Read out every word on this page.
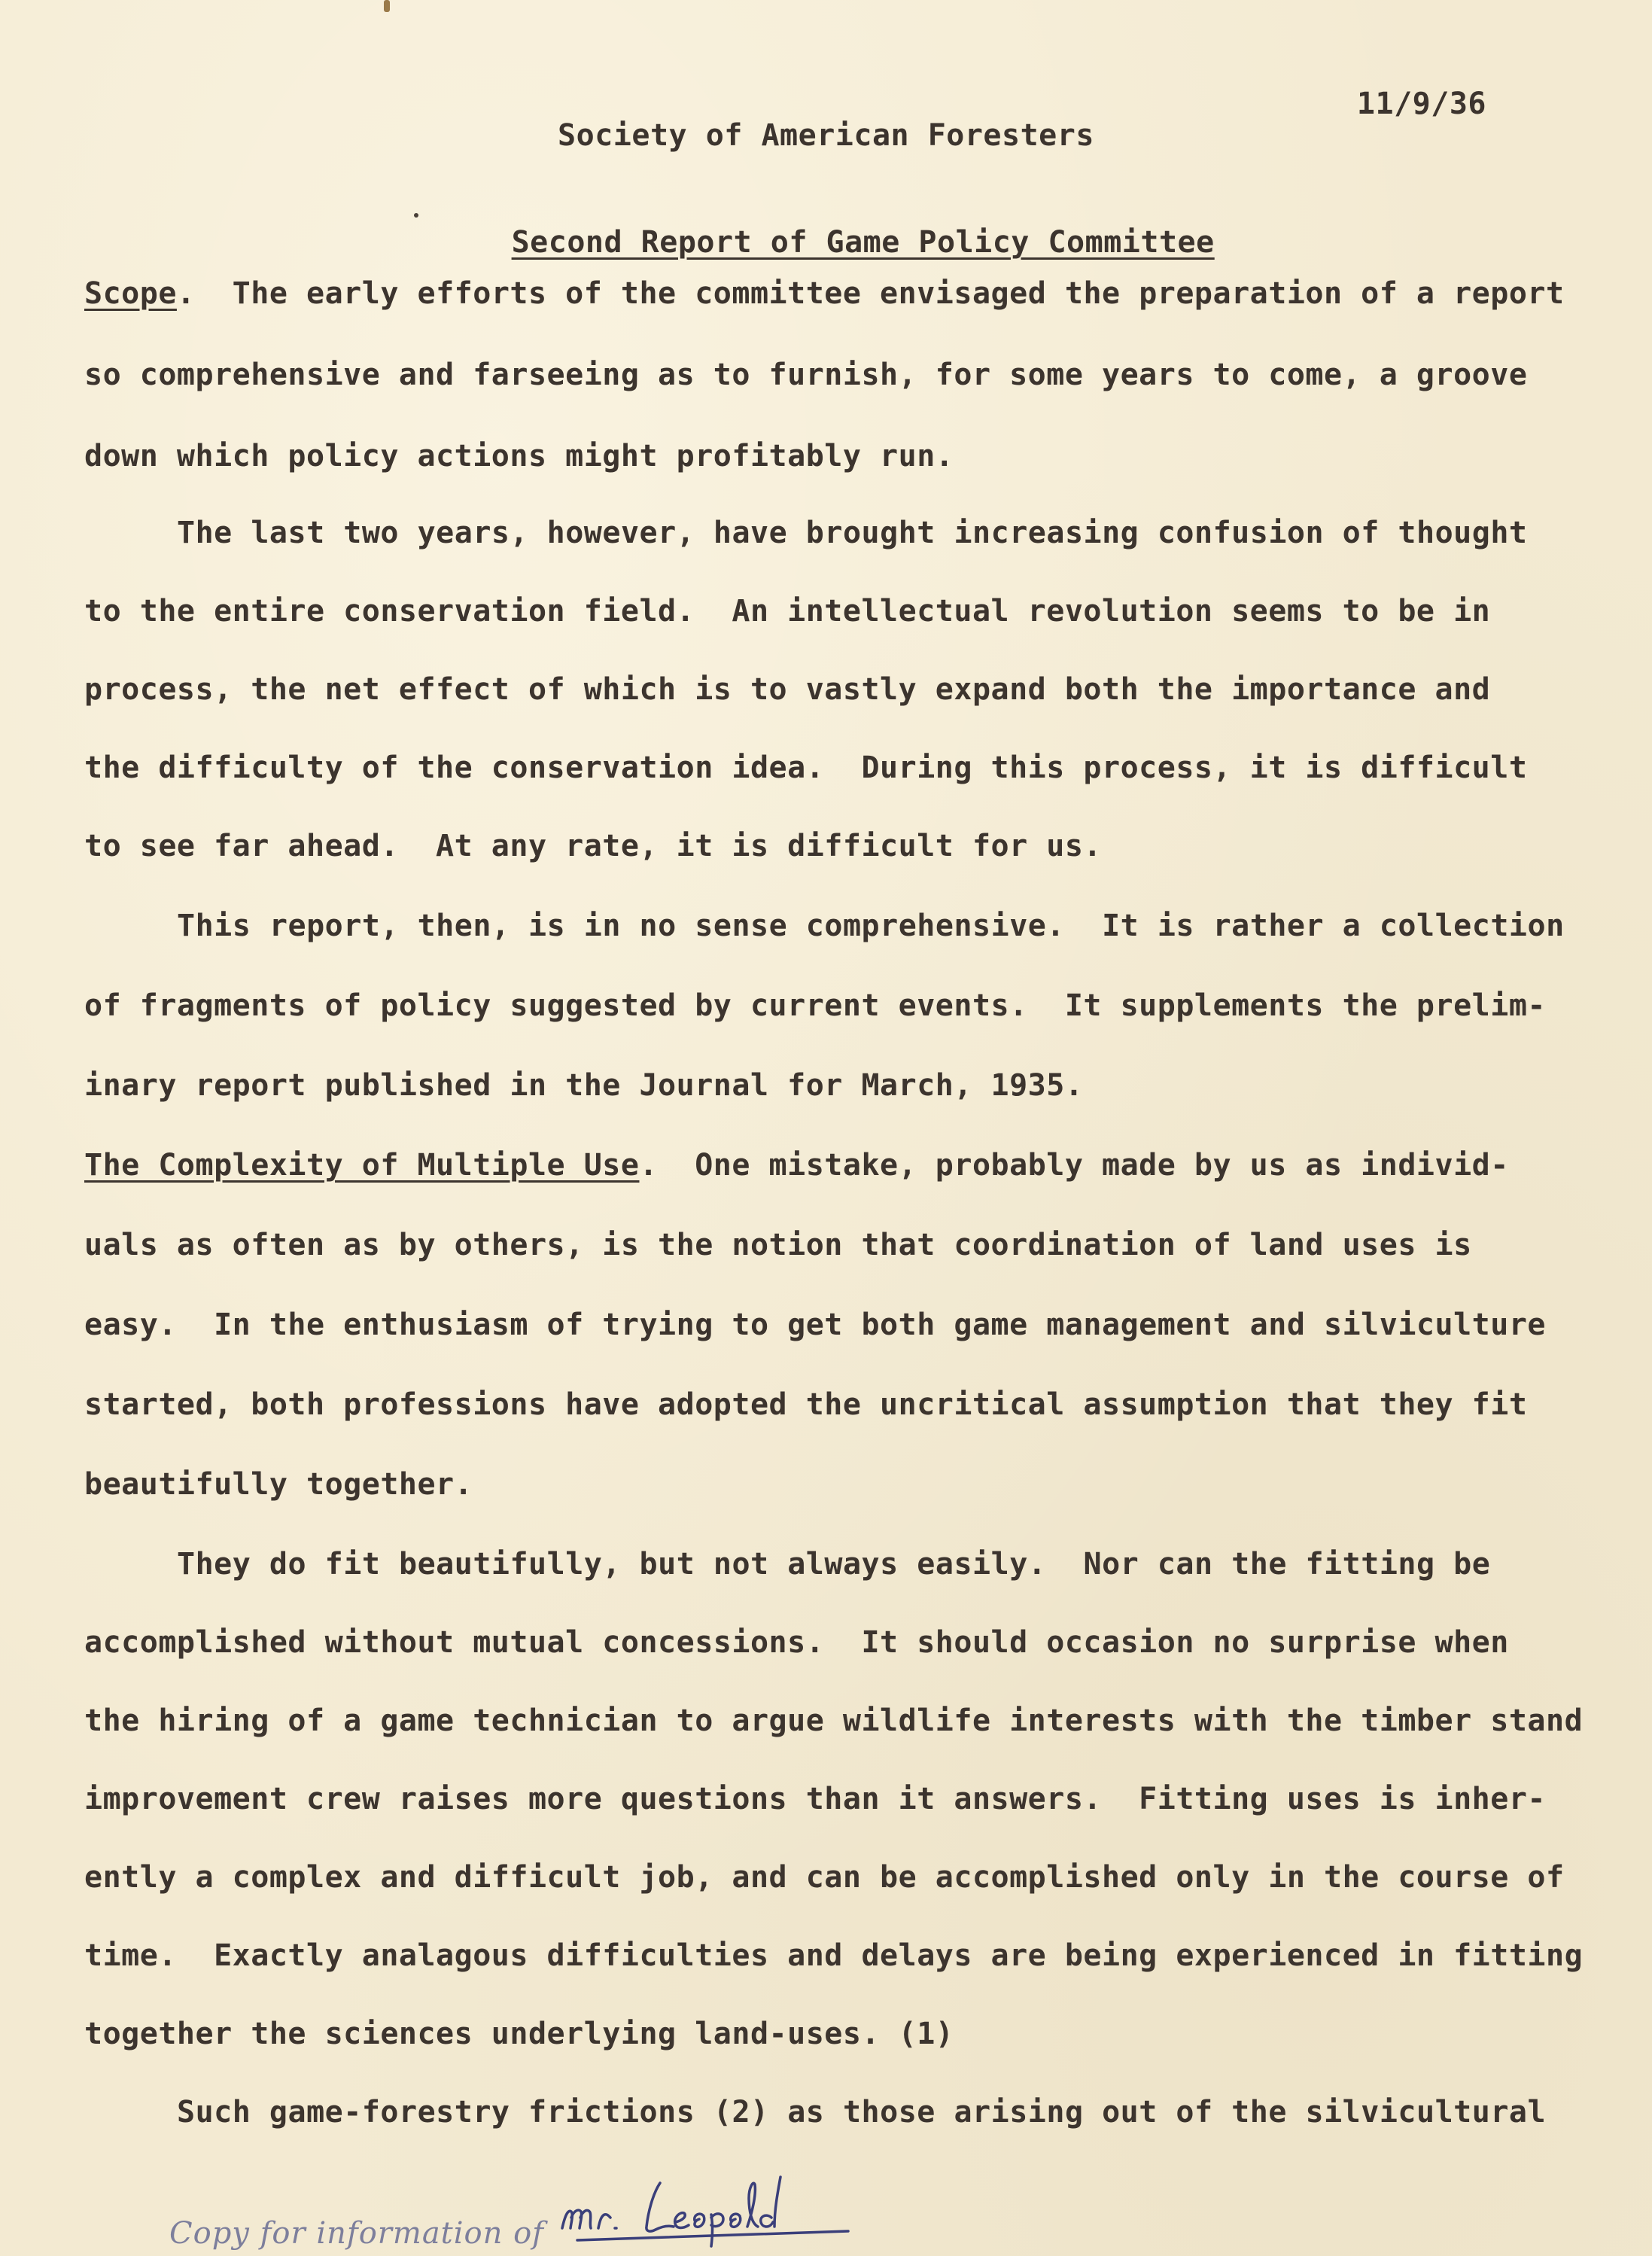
11/9/36
Society of American Foresters

Second Report of Game Policy Committee

Scope.  The early efforts of the committee envisaged the preparation of a report
so comprehensive and farseeing as to furnish, for some years to come, a groove
down which policy actions might profitably run.
The last two years, however, have brought increasing confusion of thought
to the entire conservation field.  An intellectual revolution seems to be in
process, the net effect of which is to vastly expand both the importance and
the difficulty of the conservation idea.  During this process, it is difficult
to see far ahead.  At any rate, it is difficult for us.
This report, then, is in no sense comprehensive.  It is rather a collection
of fragments of policy suggested by current events.  It supplements the prelim-
inary report published in the Journal for March, 1935.
The Complexity of Multiple Use.  One mistake, probably made by us as individ-
uals as often as by others, is the notion that coordination of land uses is
easy.  In the enthusiasm of trying to get both game management and silviculture
started, both professions have adopted the uncritical assumption that they fit
beautifully together.
They do fit beautifully, but not always easily.  Nor can the fitting be
accomplished without mutual concessions.  It should occasion no surprise when
the hiring of a game technician to argue wildlife interests with the timber stand
improvement crew raises more questions than it answers.  Fitting uses is inher-
ently a complex and difficult job, and can be accomplished only in the course of
time.  Exactly analagous difficulties and delays are being experienced in fitting
together the sciences underlying land-uses. (1)
Such game-forestry frictions (2) as those arising out of the silvicultural
Copy for information of
